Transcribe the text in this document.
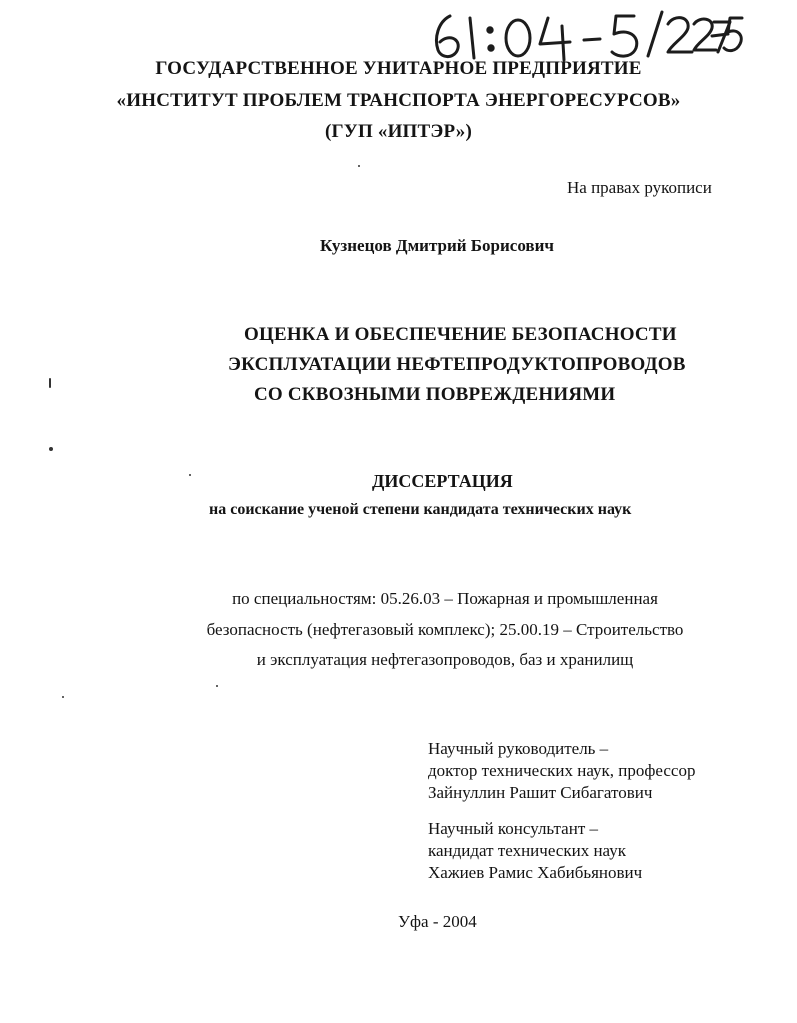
ГОСУДАРСТВЕННОЕ УНИТАРНОЕ ПРЕДПРИЯТИЕ
«ИНСТИТУТ ПРОБЛЕМ ТРАНСПОРТА ЭНЕРГОРЕСУРСОВ»
(ГУП «ИПТЭР»)
На правах рукописи
Кузнецов Дмитрий Борисович
ОЦЕНКА И ОБЕСПЕЧЕНИЕ БЕЗОПАСНОСТИ
ЭКСПЛУАТАЦИИ НЕФТЕПРОДУКТОПРОВОДОВ
СО СКВОЗНЫМИ ПОВРЕЖДЕНИЯМИ
ДИССЕРТАЦИЯ
на соискание ученой степени кандидата технических наук
по специальностям: 05.26.03 – Пожарная и промышленная
безопасность (нефтегазовый комплекс); 25.00.19 – Строительство
и эксплуатация нефтегазопроводов, баз и хранилищ
Научный руководитель –
доктор технических наук, профессор
Зайнуллин Рашит Сибагатович
Научный консультант –
кандидат технических наук
Хажиев Рамис Хабибьянович
Уфа - 2004
